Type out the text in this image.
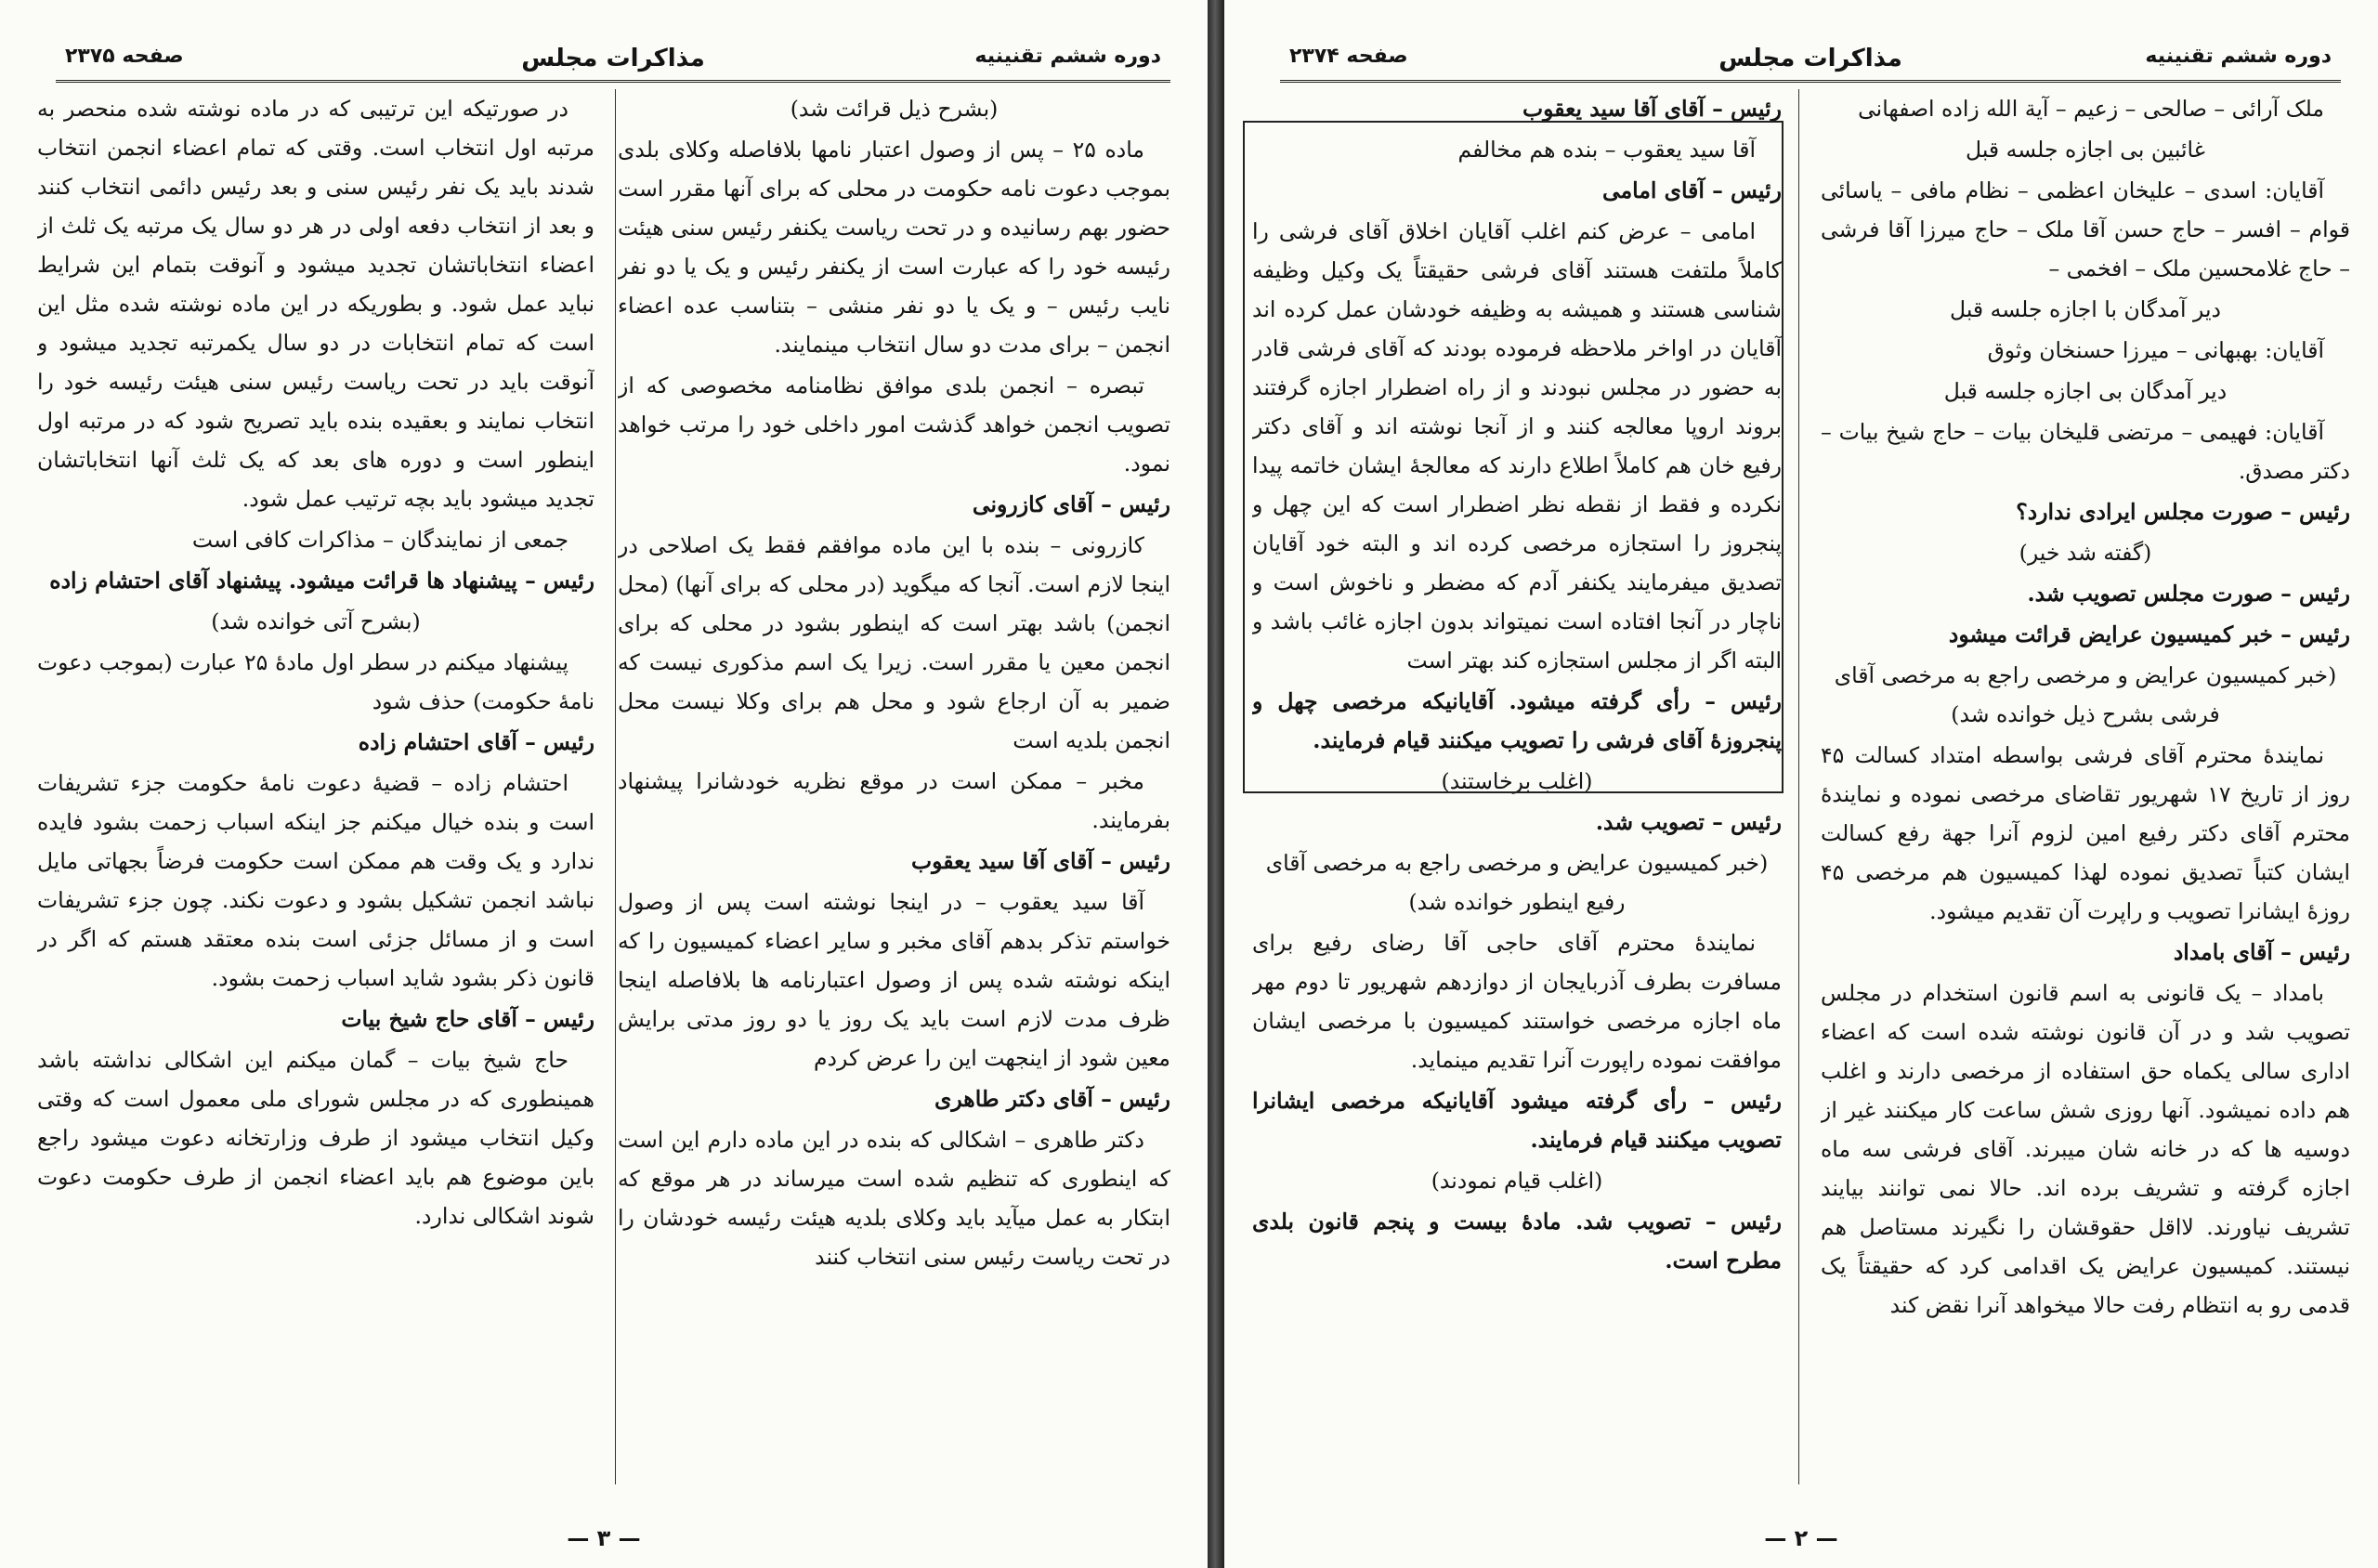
دوره ششم تقنینیه
مذاکرات مجلس
صفحه ۲۳۷۵

(بشرح ذیل قرائت شد)

ماده ۲۵ – پس از وصول اعتبار نامها بلافاصله وکلای بلدی بموجب دعوت نامه حکومت در محلی که برای آنها مقرر است حضور بهم رسانیده و در تحت ریاست یکنفر رئیس سنی هیئت رئیسه خود را که عبارت است از یکنفر رئیس و یک یا دو نفر نایب رئیس – و یک یا دو نفر منشی – بتناسب عده اعضاء انجمن – برای مدت دو سال انتخاب مینمایند.

تبصره – انجمن بلدی موافق نظامنامه مخصوصی که از تصویب انجمن خواهد گذشت امور داخلی خود را مرتب خواهد نمود.

رئیس – آقای کازرونی

کازرونی – بنده با این ماده موافقم فقط یک اصلاحی در اینجا لازم است. آنجا که میگوید (در محلی که برای آنها) (محل انجمن) باشد بهتر است که اینطور بشود در محلی که برای انجمن معین یا مقرر است. زیرا یک اسم مذکوری نیست که ضمیر به آن ارجاع شود و محل هم برای وکلا نیست محل انجمن بلدیه است

مخبر – ممکن است در موقع نظریه خودشانرا پیشنهاد بفرمایند.

رئیس – آقای آقا سید یعقوب

آقا سید یعقوب – در اینجا نوشته است پس از وصول خواستم تذکر بدهم آقای مخبر و سایر اعضاء کمیسیون را که اینکه نوشته شده پس از وصول اعتبارنامه ها بلافاصله اینجا ظرف مدت لازم است باید یک روز یا دو روز مدتی برایش معین شود از اینجهت این را عرض کردم

رئیس – آقای دکتر طاهری

دکتر طاهری – اشکالی که بنده در این ماده دارم این است که اینطوری که تنظیم شده است میرساند در هر موقع که ابتکار به عمل میآید باید وکلای بلدیه هیئت رئیسه خودشان را در تحت ریاست رئیس سنی انتخاب کنند

در صورتیکه این ترتیبی که در ماده نوشته شده منحصر به مرتبه اول انتخاب است. وقتی که تمام اعضاء انجمن انتخاب شدند باید یک نفر رئیس سنی و بعد رئیس دائمی انتخاب کنند و بعد از انتخاب دفعه اولی در هر دو سال یک مرتبه یک ثلث از اعضاء انتخاباتشان تجدید میشود و آنوقت بتمام این شرایط نباید عمل شود. و بطوریکه در این ماده نوشته شده مثل این است که تمام انتخابات در دو سال یکمرتبه تجدید میشود و آنوقت باید در تحت ریاست رئیس سنی هیئت رئیسه خود را انتخاب نمایند و بعقیده بنده باید تصریح شود که در مرتبه اول اینطور است و دوره های بعد که یک ثلث آنها انتخاباتشان تجدید میشود باید بچه ترتیب عمل شود.

جمعی از نمایندگان – مذاکرات کافی است

رئیس – پیشنهاد ها قرائت میشود. پیشنهاد آقای احتشام زاده

(بشرح آتی خوانده شد)

پیشنهاد میکنم در سطر اول مادهٔ ۲۵ عبارت (بموجب دعوت نامهٔ حکومت) حذف شود

رئیس – آقای احتشام زاده

احتشام زاده – قضیهٔ دعوت نامهٔ حکومت جزء تشریفات است و بنده خیال میکنم جز اینکه اسباب زحمت بشود فایده ندارد و یک وقت هم ممکن است حکومت فرضاً بجهاتی مایل نباشد انجمن تشکیل بشود و دعوت نکند. چون جزء تشریفات است و از مسائل جزئی است بنده معتقد هستم که اگر در قانون ذکر بشود شاید اسباب زحمت بشود.

رئیس – آقای حاج شیخ بیات

حاج شیخ بیات – گمان میکنم این اشکالی نداشته باشد همینطوری که در مجلس شورای ملی معمول است که وقتی وکیل انتخاب میشود از طرف وزارتخانه دعوت میشود راجع باین موضوع هم باید اعضاء انجمن از طرف حکومت دعوت شوند اشکالی ندارد.

— ۳ —
دوره ششم تقنینیه
مذاکرات مجلس
صفحه ۲۳۷۴

ملک آرائی – صالحی – زعیم – آیة الله زاده اصفهانی

غائبین بی اجازه جلسه قبل

آقایان: اسدی – علیخان اعظمی – نظام مافی – یاسائی قوام – افسر – حاج حسن آقا ملک – حاج میرزا آقا فرشی – حاج غلامحسین ملک – افخمی –

دیر آمدگان با اجازه جلسه قبل

آقایان: بهبهانی – میرزا حسنخان وثوق

دیر آمدگان بی اجازه جلسه قبل

آقایان: فهیمی – مرتضی قلیخان بیات – حاج شیخ بیات – دکتر مصدق.

رئیس – صورت مجلس ایرادی ندارد؟

(گفته شد خیر)

رئیس – صورت مجلس تصویب شد.

رئیس – خبر کمیسیون عرایض قرائت میشود

(خبر کمیسیون عرایض و مرخصی راجع به مرخصی آقای فرشی بشرح ذیل خوانده شد)

نمایندهٔ محترم آقای فرشی بواسطه امتداد کسالت ۴۵ روز از تاریخ ۱۷ شهریور تقاضای مرخصی نموده و نمایندهٔ محترم آقای دکتر رفیع امین لزوم آنرا جهة رفع کسالت ایشان کتباً تصدیق نموده لهذا کمیسیون هم مرخصی ۴۵ روزهٔ ایشانرا تصویب و راپرت آن تقدیم میشود.

رئیس – آقای بامداد

بامداد – یک قانونی به اسم قانون استخدام در مجلس تصویب شد و در آن قانون نوشته شده است که اعضاء اداری سالی یکماه حق استفاده از مرخصی دارند و اغلب هم داده نمیشود. آنها روزی شش ساعت کار میکنند غیر از دوسیه ها که در خانه شان میبرند. آقای فرشی سه ماه اجازه گرفته و تشریف برده اند. حالا نمی توانند بیایند تشریف نیاورند. لااقل حقوقشان را نگیرند مستاصل هم نیستند. کمیسیون عرایض یک اقدامی کرد که حقیقتاً یک قدمی رو به انتظام رفت حالا میخواهد آنرا نقض کند

رئیس – آقای آقا سید یعقوب

آقا سید یعقوب – بنده هم مخالفم

رئیس – آقای امامی

امامی – عرض کنم اغلب آقایان اخلاق آقای فرشی را کاملاً ملتفت هستند آقای فرشی حقیقتاً یک وکیل وظیفه شناسی هستند و همیشه به وظیفه خودشان عمل کرده اند آقایان در اواخر ملاحظه فرموده بودند که آقای فرشی قادر به حضور در مجلس نبودند و از راه اضطرار اجازه گرفتند بروند اروپا معالجه کنند و از آنجا نوشته اند و آقای دکتر رفیع خان هم کاملاً اطلاع دارند که معالجهٔ ایشان خاتمه پیدا نکرده و فقط از نقطه نظر اضطرار است که این چهل و پنجروز را استجازه مرخصی کرده اند و البته خود آقایان تصدیق میفرمایند یکنفر آدم که مضطر و ناخوش است و ناچار در آنجا افتاده است نمیتواند بدون اجازه غائب باشد و البته اگر از مجلس استجازه کند بهتر است

رئیس – رأی گرفته میشود. آقایانیکه مرخصی چهل و پنجروزهٔ آقای فرشی را تصویب میکنند قیام فرمایند.

(اغلب برخاستند)

رئیس – تصویب شد.

(خبر کمیسیون عرایض و مرخصی راجع به مرخصی آقای رفیع اینطور خوانده شد)

نمایندهٔ محترم آقای حاجی آقا رضای رفیع برای مسافرت بطرف آذربایجان از دوازدهم شهریور تا دوم مهر ماه اجازه مرخصی خواستند کمیسیون با مرخصی ایشان موافقت نموده راپورت آنرا تقدیم مینماید.

رئیس – رأی گرفته میشود آقایانیکه مرخصی ایشانرا تصویب میکنند قیام فرمایند.

(اغلب قیام نمودند)

رئیس – تصویب شد. مادهٔ بیست و پنجم قانون بلدی مطرح است.

— ۲ —
